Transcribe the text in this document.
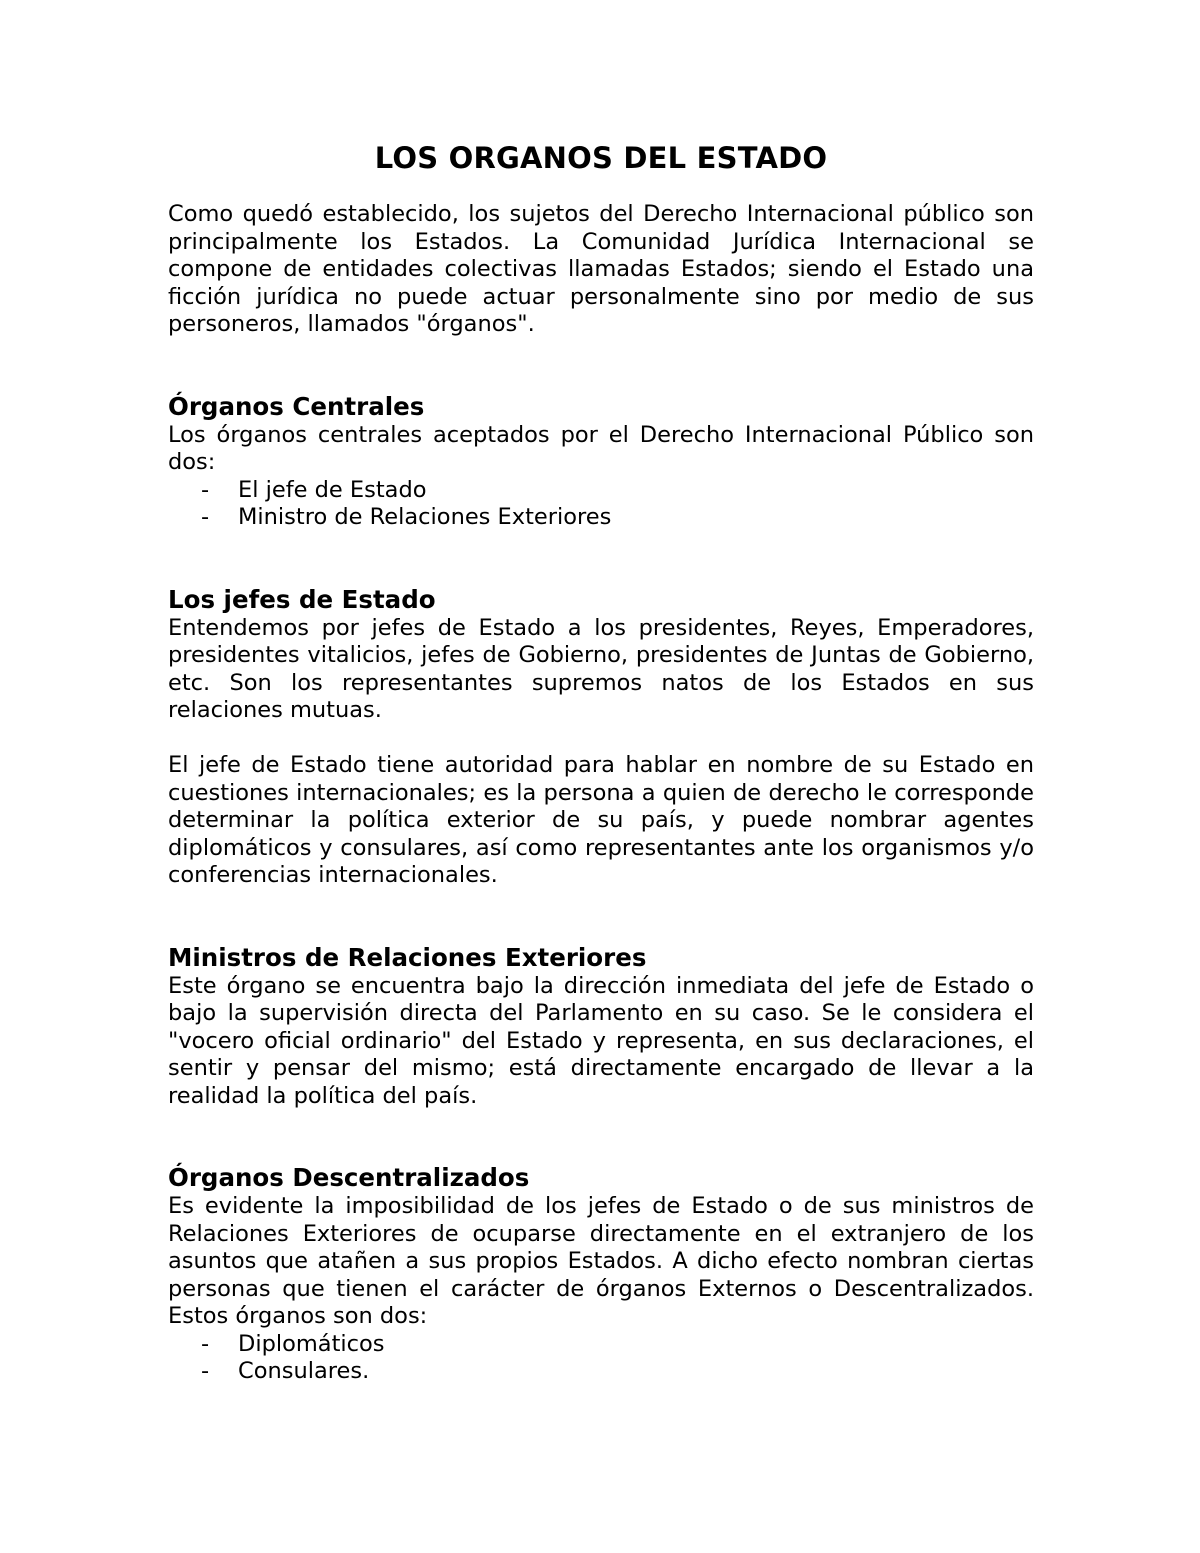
LOS ORGANOS DEL ESTADO

Como quedó establecido, los sujetos del Derecho Internacional público son principalmente los Estados. La Comunidad Jurídica Internacional se compone de entidades colectivas llamadas Estados; siendo el Estado una ficción jurídica no puede actuar personalmente sino por medio de sus personeros, llamados "órganos".

Órganos Centrales

Los órganos centrales aceptados por el Derecho Internacional Público son dos:

- El jefe de Estado
- Ministro de Relaciones Exteriores
Los jefes de Estado

Entendemos por jefes de Estado a los presidentes, Reyes, Emperadores, presidentes vitalicios, jefes de Gobierno, presidentes de Juntas de Gobierno, etc. Son los representantes supremos natos de los Estados en sus relaciones mutuas.

El jefe de Estado tiene autoridad para hablar en nombre de su Estado en cuestiones internacionales; es la persona a quien de derecho le corresponde determinar la política exterior de su país, y puede nombrar agentes diplomáticos y consulares, así como representantes ante los organismos y/o conferencias internacionales.

Ministros de Relaciones Exteriores

Este órgano se encuentra bajo la dirección inmediata del jefe de Estado o bajo la supervisión directa del Parlamento en su caso. Se le considera el "vocero oficial ordinario" del Estado y representa, en sus declaraciones, el sentir y pensar del mismo; está directamente encargado de llevar a la realidad la política del país.

Órganos Descentralizados

Es evidente la imposibilidad de los jefes de Estado o de sus ministros de Relaciones Exteriores de ocuparse directamente en el extranjero de los asuntos que atañen a sus propios Estados. A dicho efecto nombran ciertas personas que tienen el carácter de órganos Externos o Descentralizados. Estos órganos son dos:

- Diplomáticos
- Consulares.
